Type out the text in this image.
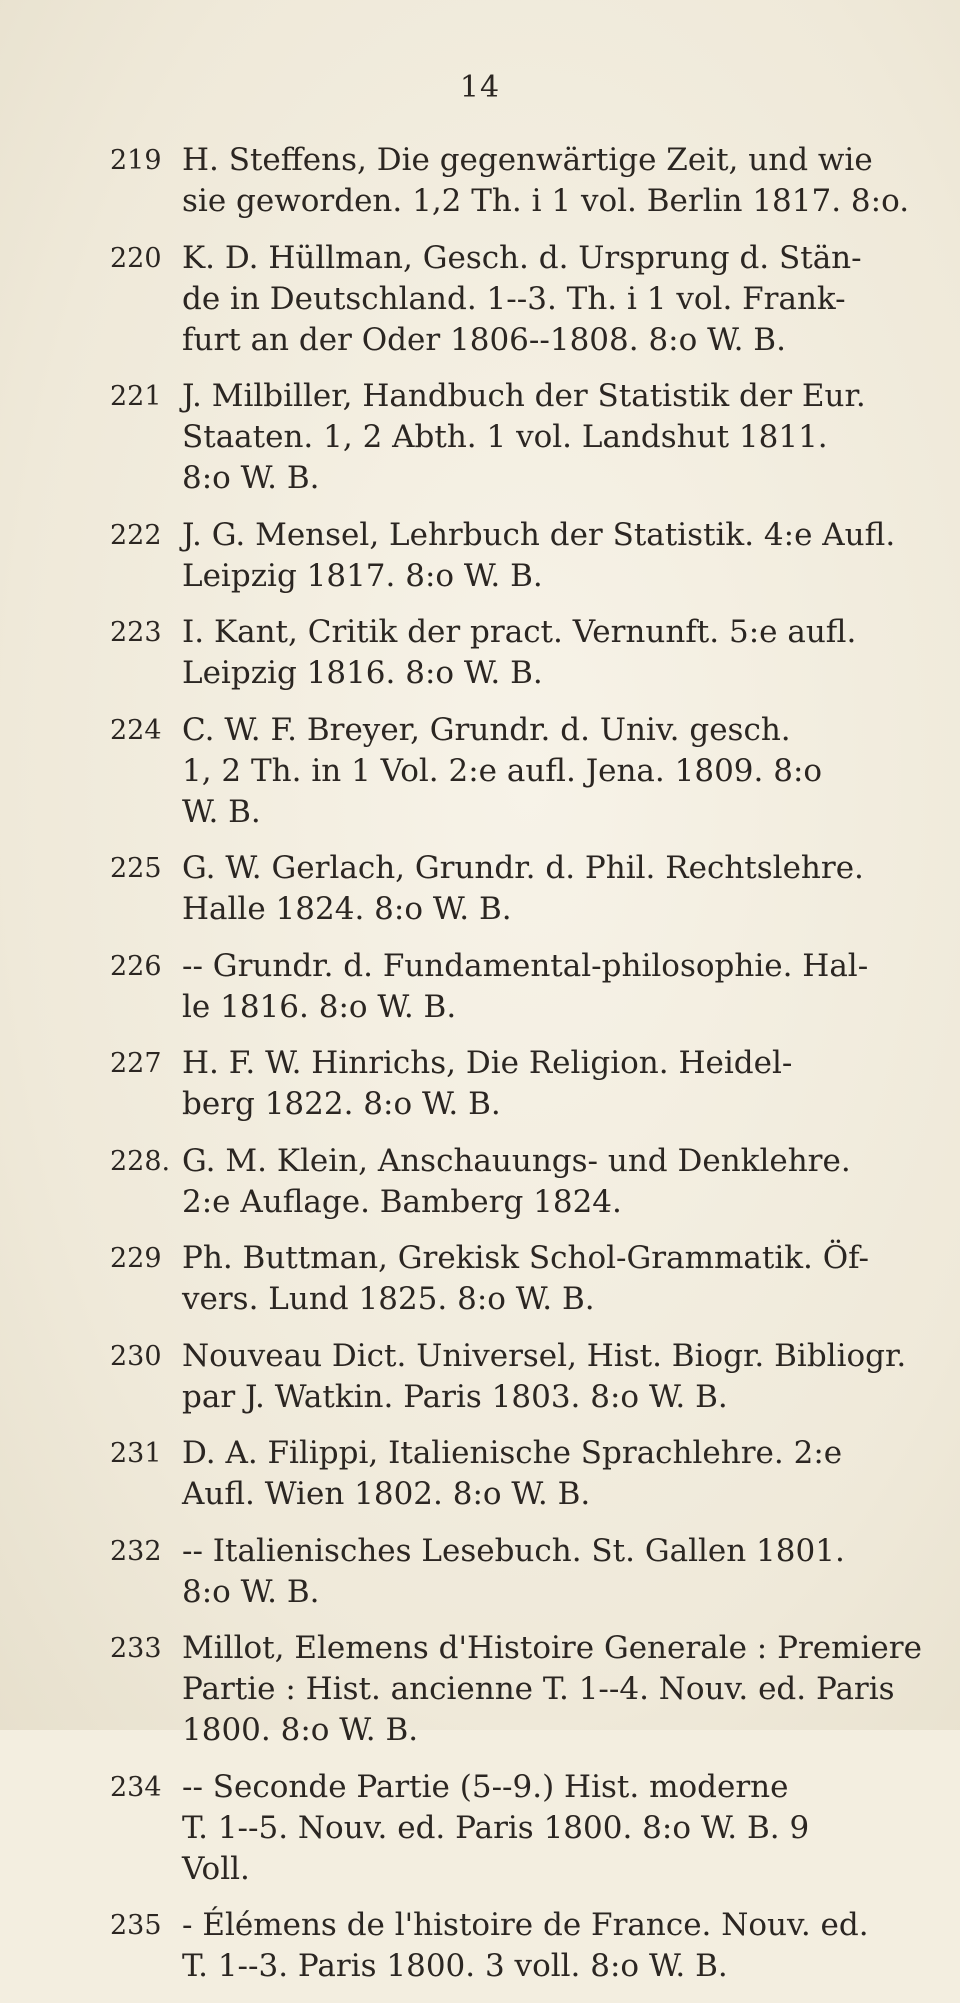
14
219 H. Steffens, Die gegenwärtige Zeit, und wie
sie geworden. 1,2 Th. i 1 vol. Berlin 1817. 8:o.
220 K. D. Hüllman, Gesch. d. Ursprung d. Stän-
de in Deutschland. 1--3. Th. i 1 vol. Frank-
furt an der Oder 1806--1808. 8:o W. B.
221 J. Milbiller, Handbuch der Statistik der Eur.
Staaten. 1, 2 Abth. 1 vol. Landshut 1811.
8:o W. B.
222 J. G. Mensel, Lehrbuch der Statistik. 4:e Aufl.
Leipzig 1817. 8:o W. B.
223 I. Kant, Critik der pract. Vernunft. 5:e aufl.
Leipzig 1816. 8:o W. B.
224 C. W. F. Breyer, Grundr. d. Univ. gesch.
1, 2 Th. in 1 Vol. 2:e aufl. Jena. 1809. 8:o
W. B.
225 G. W. Gerlach, Grundr. d. Phil. Rechtslehre.
Halle 1824. 8:o W. B.
226 -- Grundr. d. Fundamental-philosophie. Hal-
le 1816. 8:o W. B.
227 H. F. W. Hinrichs, Die Religion. Heidel-
berg 1822. 8:o W. B.
228. G. M. Klein, Anschauungs- und Denklehre.
2:e Auflage. Bamberg 1824.
229 Ph. Buttman, Grekisk Schol-Grammatik. Öf-
vers. Lund 1825. 8:o W. B.
230 Nouveau Dict. Universel, Hist. Biogr. Bibliogr.
par J. Watkin. Paris 1803. 8:o W. B.
231 D. A. Filippi, Italienische Sprachlehre. 2:e
Aufl. Wien 1802. 8:o W. B.
232 -- Italienisches Lesebuch. St. Gallen 1801.
8:o W. B.
233 Millot, Elemens d'Histoire Generale : Premiere
Partie : Hist. ancienne T. 1--4. Nouv. ed. Paris
1800. 8:o W. B.
234 -- Seconde Partie (5--9.) Hist. moderne
T. 1--5. Nouv. ed. Paris 1800. 8:o W. B. 9
Voll.
235 - Élémens de l'histoire de France. Nouv. ed.
T. 1--3. Paris 1800. 3 voll. 8:o W. B.
